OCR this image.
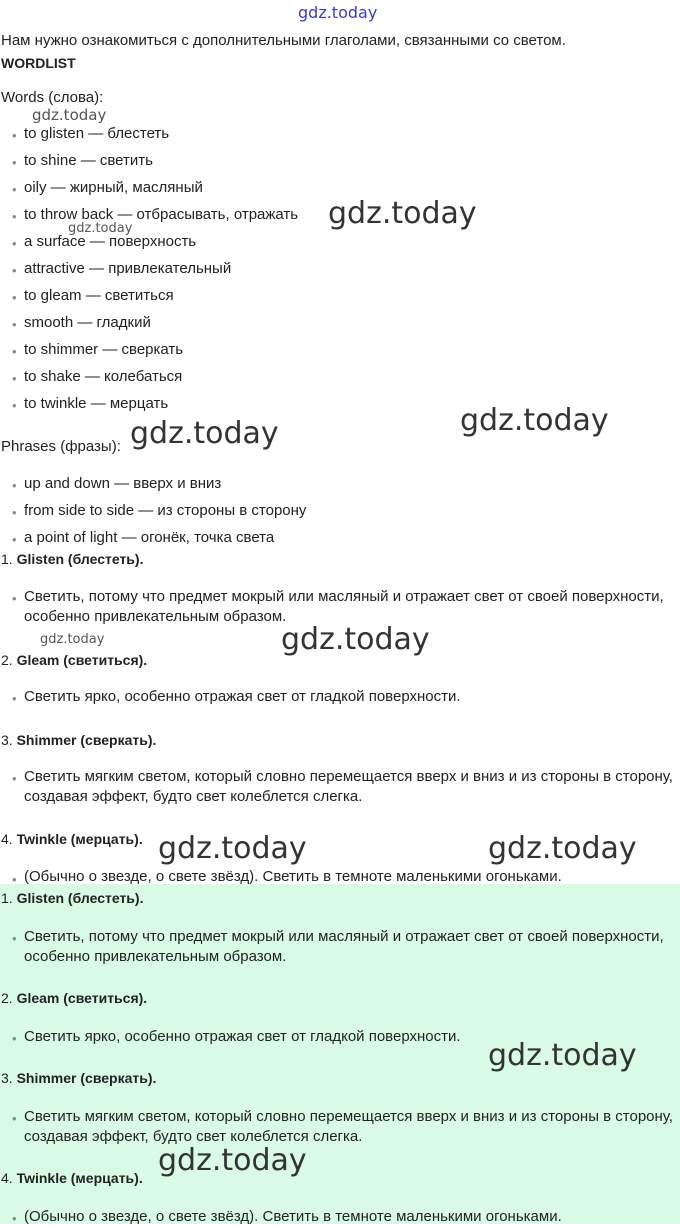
gdz.today
Нам нужно ознакомиться с дополнительными глаголами, связанными со светом.
WORDLIST
Words (слова):
gdz.today
• to glisten — блестеть
• to shine — светить
• oily — жирный, масляный
• to throw back — отбрасывать, отражать
• a surface — поверхность
• attractive — привлекательный
• to gleam — светиться
• smooth — гладкий
• to shimmer — сверкать
• to shake — колебаться
• to twinkle — мерцать
gdz.today
gdz.today
gdz.today
Phrases (фразы): gdz.today
• up and down — вверх и вниз
• from side to side — из стороны в сторону
• a point of light — огонёк, точка света
1. Glisten (блестеть).
• Светить, потому что предмет мокрый или масляный и отражает свет от своей поверхности, особенно привлекательным образом.
gdz.today	gdz.today
2. Gleam (светиться).
• Светить ярко, особенно отражая свет от гладкой поверхности.
3. Shimmer (сверкать).
• Светить мягким светом, который словно перемещается вверх и вниз и из стороны в сторону, создавая эффект, будто свет колеблется слегка.
4. Twinkle (мерцать). gdz.today	gdz.today
• (Обычно о звезде, о свете звёзд). Светить в темноте маленькими огоньками.
1. Glisten (блестеть).
• Светить, потому что предмет мокрый или масляный и отражает свет от своей поверхности, особенно привлекательным образом.
2. Gleam (светиться).
• Светить ярко, особенно отражая свет от гладкой поверхности.
gdz.today
3. Shimmer (сверкать).
• Светить мягким светом, который словно перемещается вверх и вниз и из стороны в сторону, создавая эффект, будто свет колеблется слегка.
4. Twinkle (мерцать). gdz.today
• (Обычно о звезде, о свете звёзд). Светить в темноте маленькими огоньками.
